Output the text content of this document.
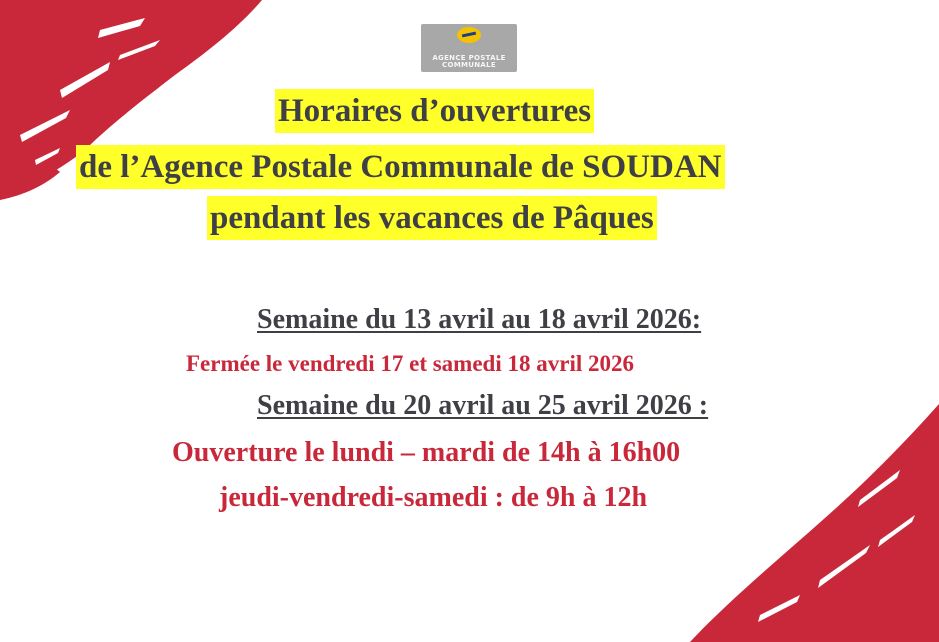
AGENCE POSTALE
COMMUNALE
Horaires d’ouvertures
de l’Agence Postale Communale de SOUDAN
pendant les vacances de Pâques
Semaine du 13 avril au 18 avril 2026:
Fermée le vendredi 17 et samedi 18 avril 2026
Semaine du 20 avril au 25 avril 2026 :
Ouverture le lundi – mardi de 14h à 16h00
jeudi-vendredi-samedi : de 9h à 12h
